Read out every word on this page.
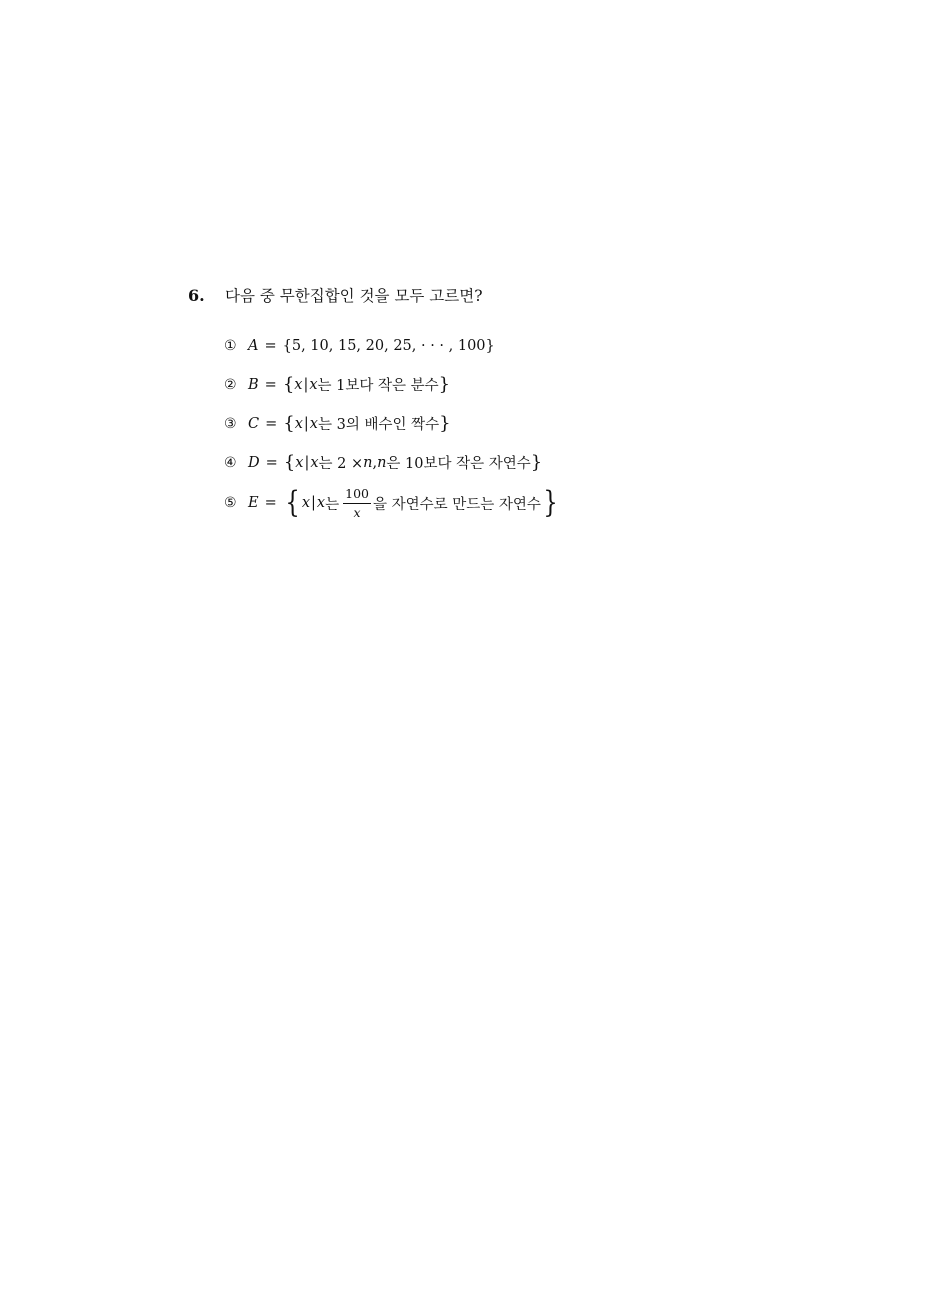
6.	다음 중 무한집합인 것을 모두 고르면?
① A = {5, 10, 15, 20, 25, · · · , 100}
② B = { x | x 는 1보다 작은 분수 }
③ C = { x | x 는 3의 배수인 짝수 }
④ D = { x | x 는 2 × n , n 은 10보다 작은 자연수 }
⑤ E = { x | x 는 $\frac{100}{x}$ 을 자연수로 만드는 자연수 }
